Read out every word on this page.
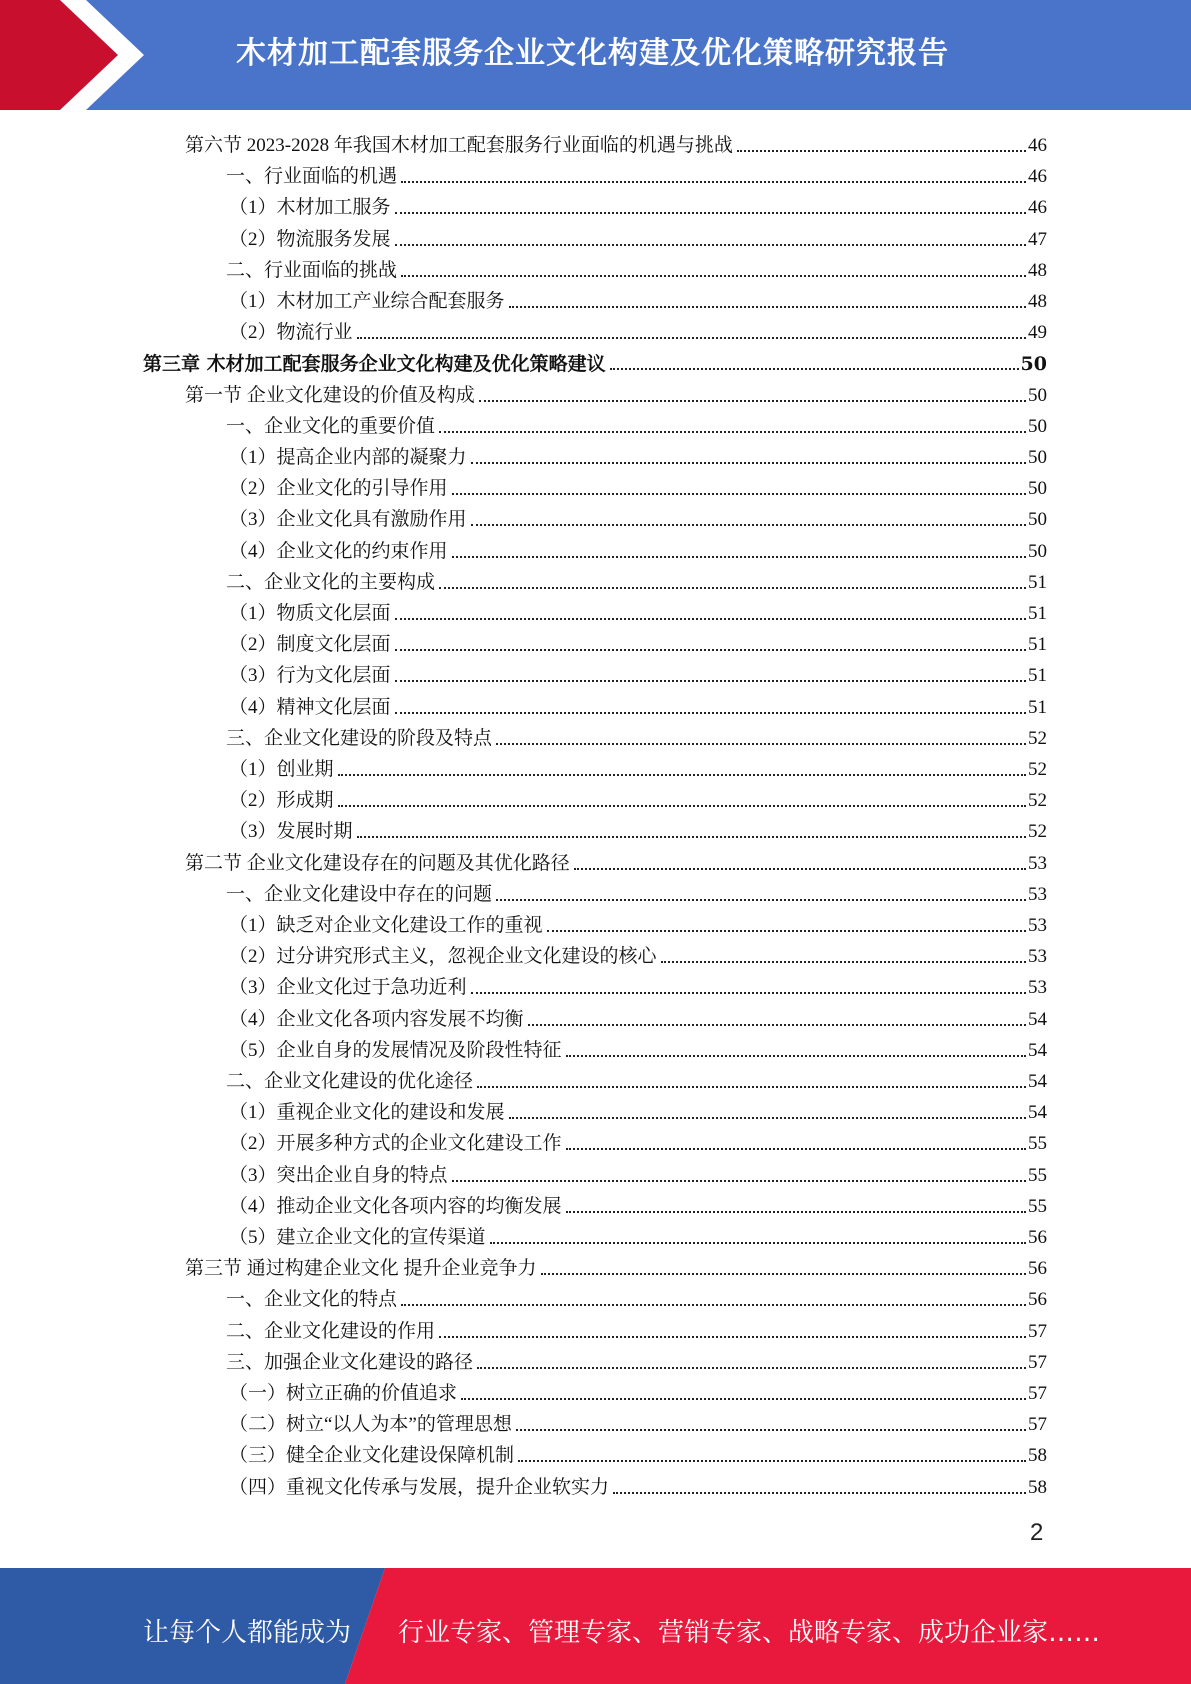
木材加工配套服务企业文化构建及优化策略研究报告
第六节 2023-2028 年我国木材加工配套服务行业面临的机遇与挑战	46
一、行业面临的机遇	46
（1）木材加工服务	46
（2）物流服务发展	47
二、行业面临的挑战	48
（1）木材加工产业综合配套服务	48
（2）物流行业	49
第三章 木材加工配套服务企业文化构建及优化策略建议	50
第一节 企业文化建设的价值及构成	50
一、企业文化的重要价值	50
（1）提高企业内部的凝聚力	50
（2）企业文化的引导作用	50
（3）企业文化具有激励作用	50
（4）企业文化的约束作用	50
二、企业文化的主要构成	51
（1）物质文化层面	51
（2）制度文化层面	51
（3）行为文化层面	51
（4）精神文化层面	51
三、企业文化建设的阶段及特点	52
（1）创业期	52
（2）形成期	52
（3）发展时期	52
第二节 企业文化建设存在的问题及其优化路径	53
一、企业文化建设中存在的问题	53
（1）缺乏对企业文化建设工作的重视	53
（2）过分讲究形式主义，忽视企业文化建设的核心	53
（3）企业文化过于急功近利	53
（4）企业文化各项内容发展不均衡	54
（5）企业自身的发展情况及阶段性特征	54
二、企业文化建设的优化途径	54
（1）重视企业文化的建设和发展	54
（2）开展多种方式的企业文化建设工作	55
（3）突出企业自身的特点	55
（4）推动企业文化各项内容的均衡发展	55
（5）建立企业文化的宣传渠道	56
第三节 通过构建企业文化 提升企业竞争力	56
一、企业文化的特点	56
二、企业文化建设的作用	57
三、加强企业文化建设的路径	57
（一）树立正确的价值追求	57
（二）树立“以人为本”的管理思想	57
（三）健全企业文化建设保障机制	58
（四）重视文化传承与发展，提升企业软实力	58
2
让每个人都能成为 行业专家、管理专家、营销专家、战略专家、成功企业家……
